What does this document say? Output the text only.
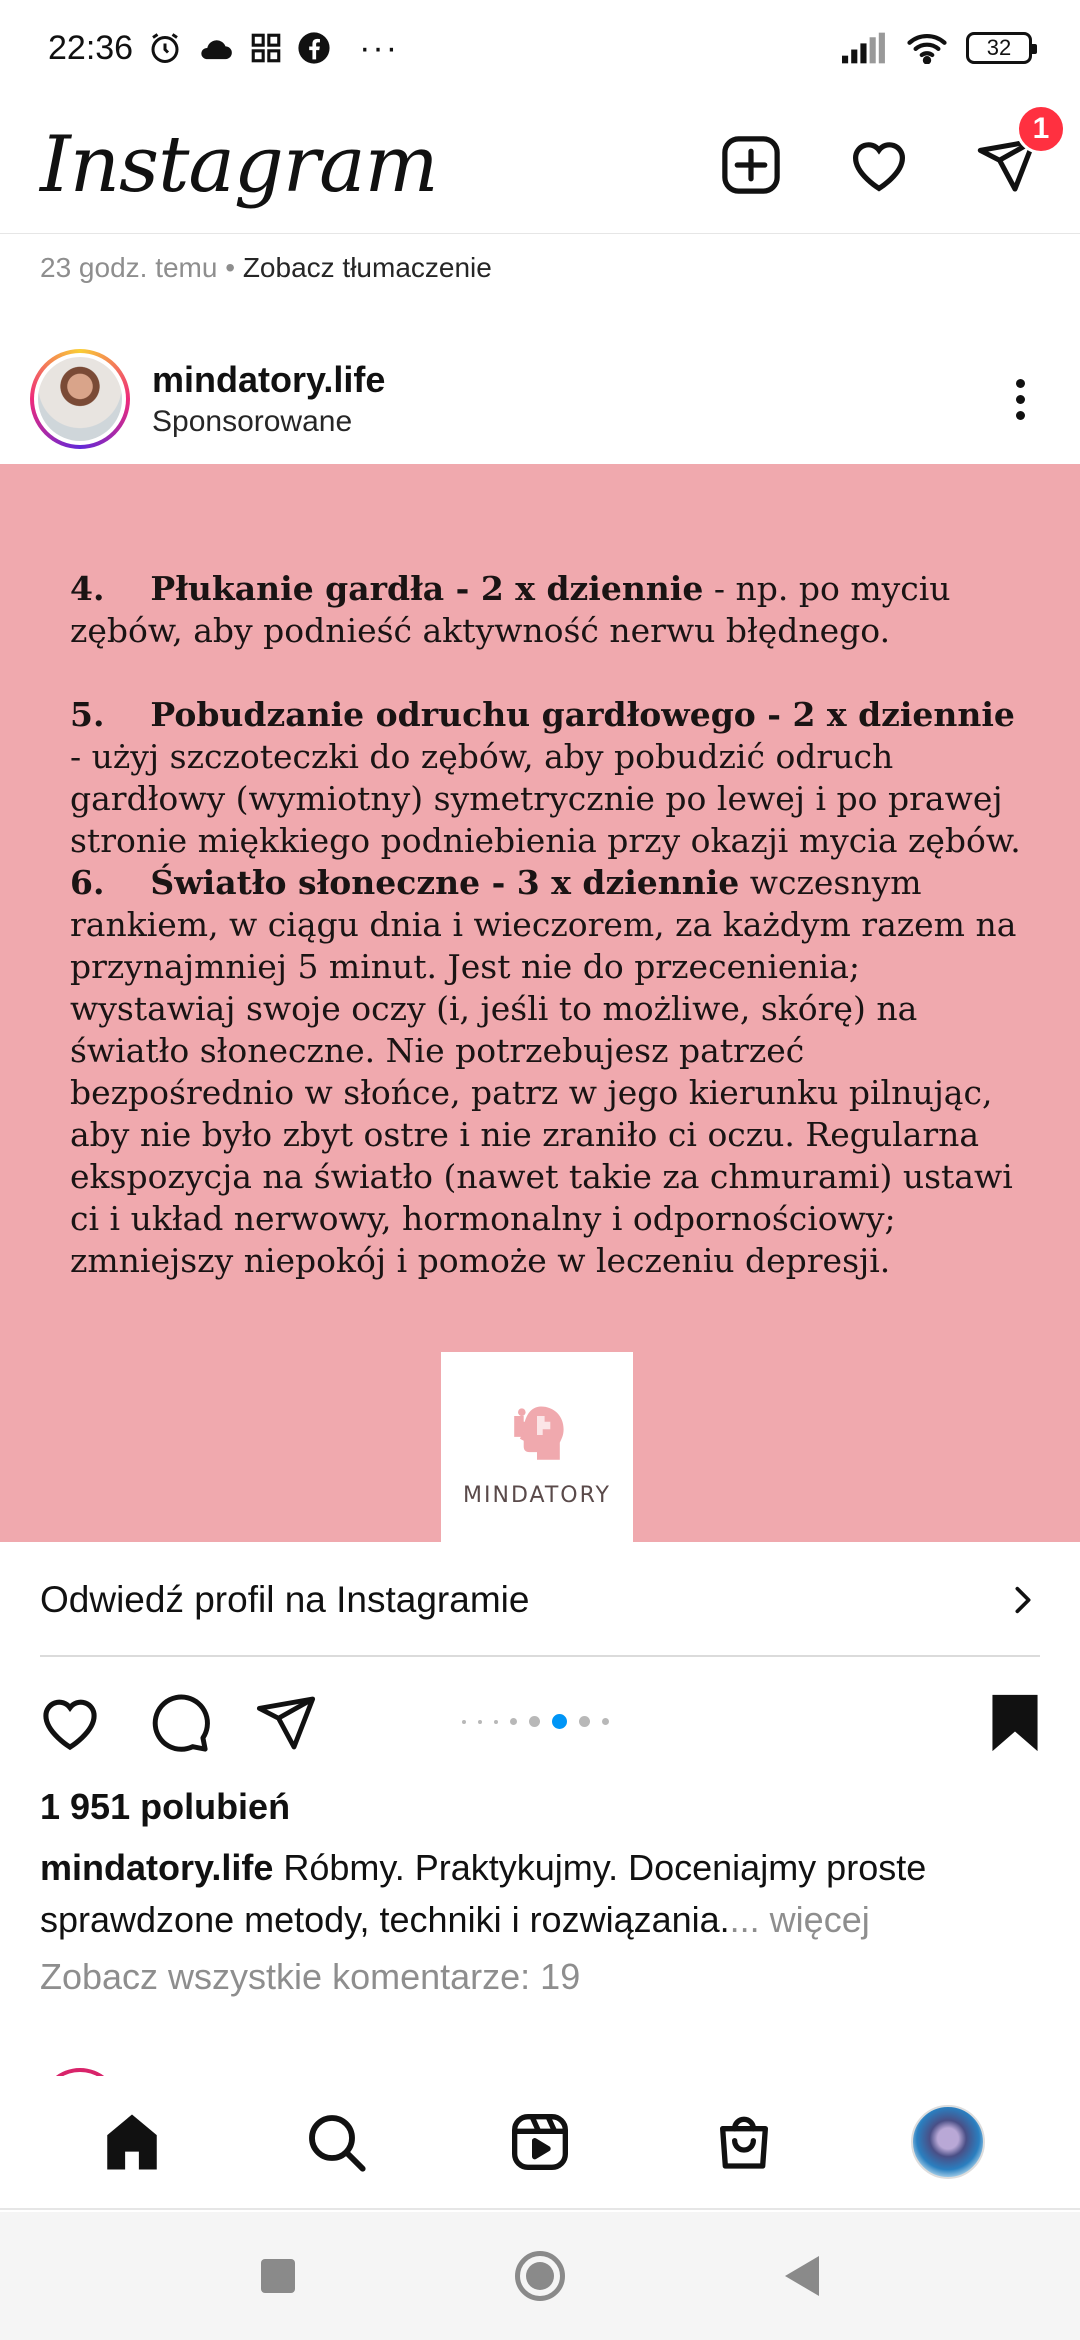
22:36	···	32
Instagram	1
23 godz. temu • Zobacz tłumaczenie
mindatory.life
Sponsorowane

4. Płukanie gardła - 2 x dziennie - np. po myciu zębów, aby podnieść aktywność nerwu błędnego.

5. Pobudzanie odruchu gardłowego - 2 x dziennie - użyj szczoteczki do zębów, aby pobudzić odruch gardłowy (wymiotny) symetrycznie po lewej i po prawej stronie miękkiego podniebienia przy okazji mycia zębów.

6. Światło słoneczne - 3 x dziennie wczesnym rankiem, w ciągu dnia i wieczorem, za każdym razem na przynajmniej 5 minut. Jest nie do przecenienia; wystawiaj swoje oczy (i, jeśli to możliwe, skórę) na światło słoneczne. Nie potrzebujesz patrzeć bezpośrednio w słońce, patrz w jego kierunku pilnując, aby nie było zbyt ostre i nie zraniło ci oczu. Regularna ekspozycja na światło (nawet takie za chmurami) ustawi ci i układ nerwowy, hormonalny i odpornościowy; zmniejszy niepokój i pomoże w leczeniu depresji.

MINDATORY
Odwiedź profil na Instagramie
1 951 polubień
mindatory.life Róbmy. Praktykujmy. Doceniajmy proste sprawdzone metody, techniki i rozwiązania.... więcej
Zobacz wszystkie komentarze: 19
